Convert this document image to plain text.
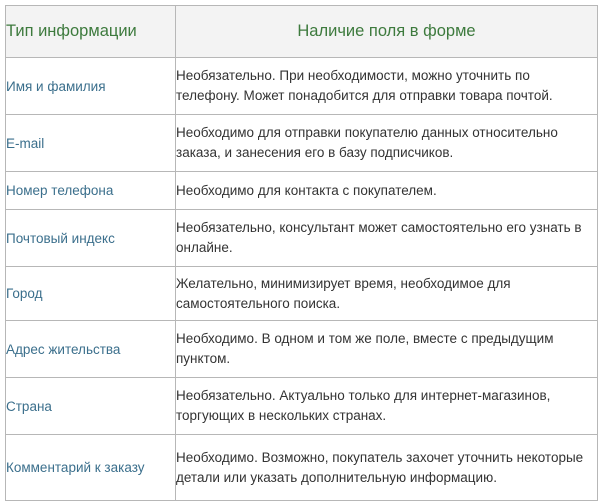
Тип информации	Наличие поля в форме
Имя и фамилия	Необязательно. При необходимости, можно уточнить по телефону. Может понадобится для отправки товара почтой.
E-mail	Необходимо для отправки покупателю данных относительно заказа, и занесения его в базу подписчиков.
Номер телефона	Необходимо для контакта с покупателем.
Почтовый индекс	Необязательно, консультант может самостоятельно его узнать в онлайне.
Город	Желательно, минимизирует время, необходимое для самостоятельного поиска.
Адрес жительства	Необходимо. В одном и том же поле, вместе с предыдущим пунктом.
Страна	Необязательно. Актуально только для интернет-магазинов, торгующих в нескольких странах.
Комментарий к заказу	Необходимо. Возможно, покупатель захочет уточнить некоторые детали или указать дополнительную информацию.
